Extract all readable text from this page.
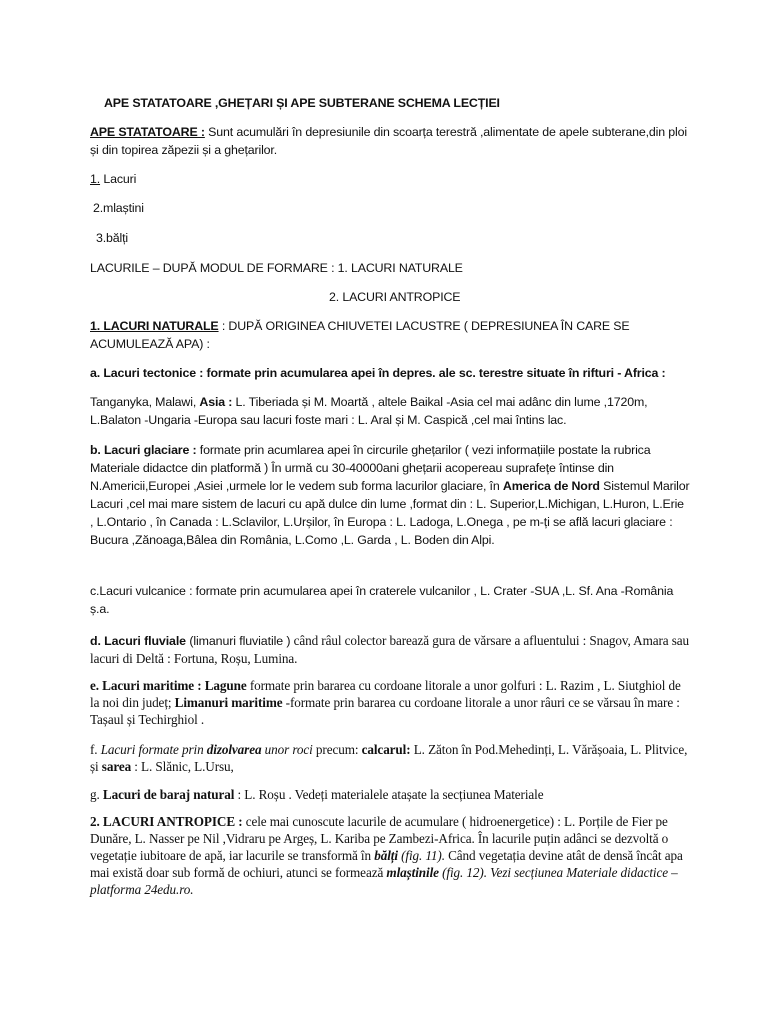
APE STATATOARE ,GHEȚARI ȘI APE SUBTERANE SCHEMA LECȚIEI

APE STATATOARE : Sunt acumulări în depresiunile din scoarța terestră ,alimentate de apele subterane,din ploi și din topirea zăpezii și a ghețarilor.

1. Lacuri

2.mlaștini

3.bălți

LACURILE – DUPĂ MODUL DE FORMARE : 1. LACURI NATURALE

2. LACURI ANTROPICE

1. LACURI NATURALE : DUPĂ ORIGINEA CHIUVETEI LACUSTRE ( DEPRESIUNEA ÎN CARE SE ACUMULEAZĂ APA) :

a. Lacuri tectonice : formate prin acumularea apei în depres. ale sc. terestre situate în rifturi - Africa :

Tanganyka, Malawi, Asia : L. Tiberiada și M. Moartă , altele Baikal -Asia cel mai adânc din lume ,1720m, L.Balaton -Ungaria -Europa sau lacuri foste mari : L. Aral și M. Caspică ,cel mai întins lac.

b. Lacuri glaciare : formate prin acumlarea apei în circurile ghețarilor ( vezi informațiile postate la rubrica Materiale didactce din platformă ) În urmă cu 30-40000ani ghețarii acopereau suprafețe întinse din N.Americii,Europei ,Asiei ,urmele lor le vedem sub forma lacurilor glaciare, în America de Nord Sistemul Marilor Lacuri ,cel mai mare sistem de lacuri cu apă dulce din lume ,format din : L. Superior,L.Michigan, L.Huron, L.Erie , L.Ontario , în Canada : L.Sclavilor, L.Urșilor, în Europa : L. Ladoga, L.Onega , pe m-ți se află lacuri glaciare : Bucura ,Zănoaga,Bâlea din România, L.Como ,L. Garda , L. Boden din Alpi.

c.Lacuri vulcanice : formate prin acumularea apei în craterele vulcanilor , L. Crater -SUA ,L. Sf. Ana -România ș.a.

d. Lacuri fluviale (limanuri fluviatile ) când râul colector barează gura de vărsare a afluentului : Snagov, Amara sau lacuri di Deltă : Fortuna, Roșu, Lumina.

e. Lacuri maritime : Lagune formate prin bararea cu cordoane litorale a unor golfuri : L. Razim , L. Siutghiol de la noi din județ; Limanuri maritime -formate prin bararea cu cordoane litorale a unor râuri ce se vărsau în mare : Tașaul și Techirghiol .

f. Lacuri formate prin dizolvarea unor roci precum: calcarul: L. Zăton în Pod.Mehedinți, L. Vărășoaia, L. Plitvice, și sarea : L. Slănic, L.Ursu,

g. Lacuri de baraj natural : L. Roșu . Vedeți materialele atașate la secțiunea Materiale

2. LACURI ANTROPICE : cele mai cunoscute lacurile de acumulare ( hidroenergetice) : L. Porțile de Fier pe Dunăre, L. Nasser pe Nil ,Vidraru pe Argeș, L. Kariba pe Zambezi-Africa. În lacurile puțin adânci se dezvoltă o vegetație iubitoare de apă, iar lacurile se transformă în bălți (fig. 11). Când vegetația devine atât de densă încât apa mai există doar sub formă de ochiuri, atunci se formează mlaștinile (fig. 12). Vezi secțiunea Materiale didactice – platforma 24edu.ro.
